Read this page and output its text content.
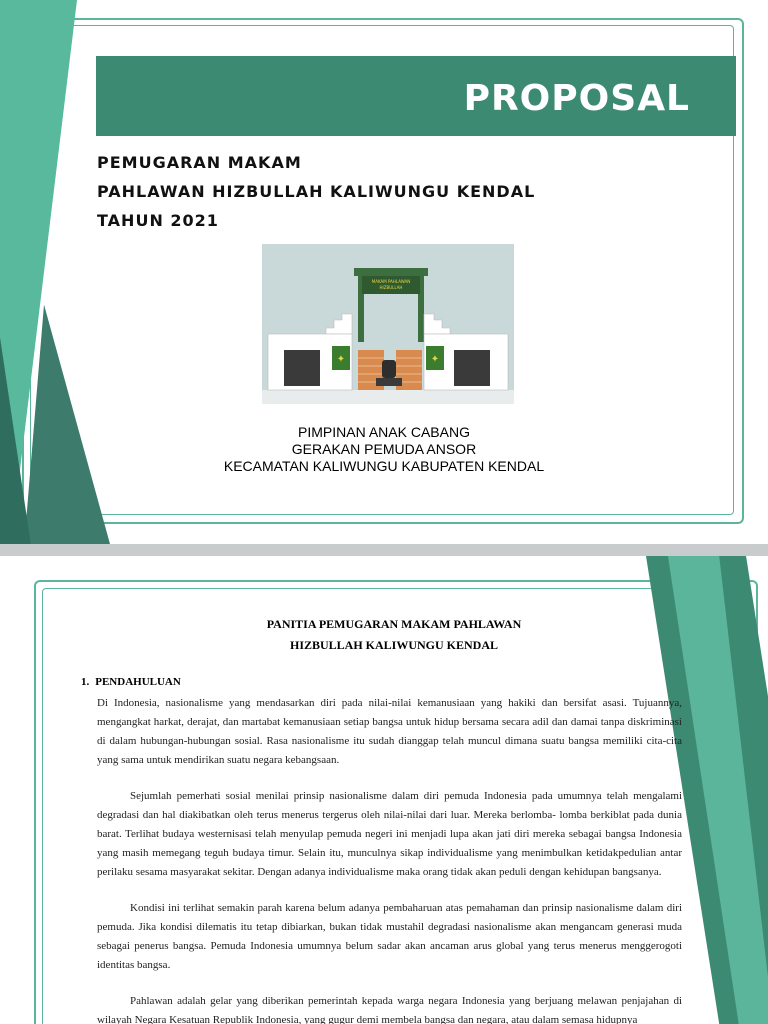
PROPOSAL
PEMUGARAN MAKAM
PAHLAWAN HIZBULLAH KALIWUNGU KENDAL
TAHUN 2021
MAKAM PAHLAWAN
HIZBULLAH
✦	✦
PIMPINAN ANAK CABANG
GERAKAN PEMUDA ANSOR
KECAMATAN KALIWUNGU KABUPATEN KENDAL
PANITIA PEMUGARAN MAKAM PAHLAWAN
HIZBULLAH KALIWUNGU KENDAL
1. PENDAHULUAN

Di Indonesia, nasionalisme yang mendasarkan diri pada nilai-nilai kemanusiaan yang hakiki dan bersifat asasi. Tujuannya, mengangkat harkat, derajat, dan martabat kemanusiaan setiap bangsa untuk hidup bersama secara adil dan damai tanpa diskriminasi di dalam hubungan-hubungan sosial. Rasa nasionalisme itu sudah dianggap telah muncul dimana suatu bangsa memiliki cita-cita yang sama untuk mendirikan suatu negara kebangsaan.

Sejumlah pemerhati sosial menilai prinsip nasionalisme dalam diri pemuda Indonesia pada umumnya telah mengalami degradasi dan hal diakibatkan oleh terus menerus tergerus oleh nilai-nilai dari luar. Mereka berlomba- lomba berkiblat pada dunia barat. Terlihat budaya westernisasi telah menyulap pemuda negeri ini menjadi lupa akan jati diri mereka sebagai bangsa Indonesia yang masih memegang teguh budaya timur. Selain itu, munculnya sikap individualisme yang menimbulkan ketidakpedulian antar perilaku sesama masyarakat sekitar. Dengan adanya individualisme maka orang tidak akan peduli dengan kehidupan bangsanya.

Kondisi ini terlihat semakin parah karena belum adanya pembaharuan atas pemahaman dan prinsip nasionalisme dalam diri pemuda. Jika kondisi dilematis itu tetap dibiarkan, bukan tidak mustahil degradasi nasionalisme akan mengancam generasi muda sebagai penerus bangsa. Pemuda Indonesia umumnya belum sadar akan ancaman arus global yang terus menerus menggerogoti identitas bangsa.

Pahlawan adalah gelar yang diberikan pemerintah kepada warga negara Indonesia yang berjuang melawan penjajahan di wilayah Negara Kesatuan Republik Indonesia, yang gugur demi membela bangsa dan negara, atau dalam semasa hidupnya
